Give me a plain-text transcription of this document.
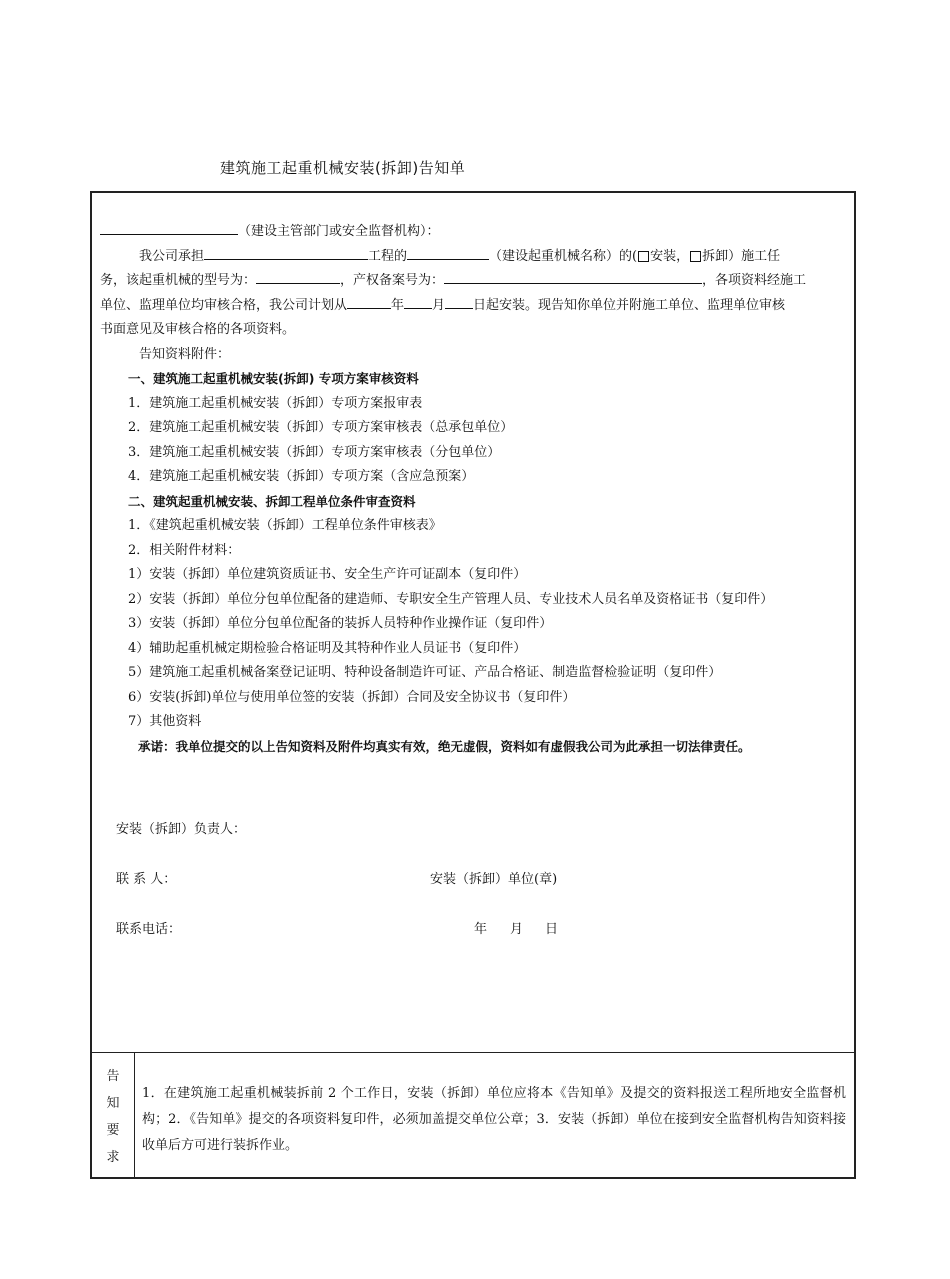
建筑施工起重机械安装(拆卸)告知单
（建设主管部门或安全监督机构）：
我公司承担	工程的	（建设起重机械名称）的( 安装， 拆卸）施工任
务，该起重机械的型号为：	，产权备案号为：	，各项资料经施工
单位、监理单位均审核合格，我公司计划从	年 月 日起安装。现告知你单位并附施工单位、监理单位审核
书面意见及审核合格的各项资料。
告知资料附件：
一、建筑施工起重机械安装(拆卸) 专项方案审核资料
1．建筑施工起重机械安装（拆卸）专项方案报审表
2．建筑施工起重机械安装（拆卸）专项方案审核表（总承包单位）
3．建筑施工起重机械安装（拆卸）专项方案审核表（分包单位）
4．建筑施工起重机械安装（拆卸）专项方案（含应急预案）
二、建筑起重机械安装、拆卸工程单位条件审查资料
1．《建筑起重机械安装（拆卸）工程单位条件审核表》
2．相关附件材料：
1）安装（拆卸）单位建筑资质证书、安全生产许可证副本（复印件）
2）安装（拆卸）单位分包单位配备的建造师、专职安全生产管理人员、专业技术人员名单及资格证书（复印件）
3）安装（拆卸）单位分包单位配备的装拆人员特种作业操作证（复印件）
4）辅助起重机械定期检验合格证明及其特种作业人员证书（复印件）
5）建筑施工起重机械备案登记证明、特种设备制造许可证、产品合格证、制造监督检验证明（复印件）
6）安装(拆卸)单位与使用单位签的安装（拆卸）合同及安全协议书（复印件）
7）其他资料
承诺：我单位提交的以上告知资料及附件均真实有效，绝无虚假，资料如有虚假我公司为此承担一切法律责任。
安装（拆卸）负责人：
联 系 人：	安装（拆卸）单位(章)
联系电话：	年 月 日
告
知
要
求
1．在建筑施工起重机械装拆前 2 个工作日，安装（拆卸）单位应将本《告知单》及提交的资料报送工程所地安全监督机构；2．《告知单》提交的各项资料复印件，必须加盖提交单位公章；3．安装（拆卸）单位在接到安全监督机构告知资料接收单后方可进行装拆作业。
